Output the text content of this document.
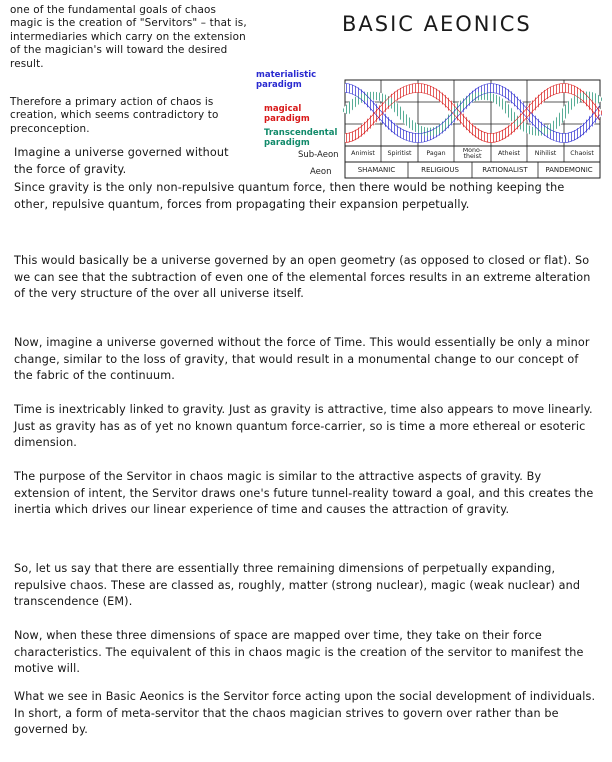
one of the fundamental goals of chaos magic is the creation of "Servitors" – that is, intermediaries which carry on the extension of the magician's will toward the desired result.
Therefore a primary action of chaos is creation, which seems contradictory to preconception.
BASIC AEONICS
materialistic paradigm
magical paradigm
Transcendental paradigm
Sub-Aeon
Aeon
Animist	Spiritist	Pagan	Mono-theist	Atheist	Nihilist	Chaoist
SHAMANIC	RELIGIOUS	RATIONALIST	PANDEMONIC
Imagine a universe governed without the force of gravity.
Since gravity is the only non-repulsive quantum force, then there would be nothing keeping the other, repulsive quantum, forces from propagating their expansion perpetually.
This would basically be a universe governed by an open geometry (as opposed to closed or flat). So we can see that the subtraction of even one of the elemental forces results in an extreme alteration of the very structure of the over all universe itself.
Now, imagine a universe governed without the force of Time. This would essentially be only a minor change, similar to the loss of gravity, that would result in a monumental change to our concept of the fabric of the continuum.
Time is inextricably linked to gravity. Just as gravity is attractive, time also appears to move linearly. Just as gravity has as of yet no known quantum force-carrier, so is time a more ethereal or esoteric dimension.
The purpose of the Servitor in chaos magic is similar to the attractive aspects of gravity. By extension of intent, the Servitor draws one's future tunnel-reality toward a goal, and this creates the inertia which drives our linear experience of time and causes the attraction of gravity.
So, let us say that there are essentially three remaining dimensions of perpetually expanding, repulsive chaos. These are classed as, roughly, matter (strong nuclear), magic (weak nuclear) and transcendence (EM).
Now, when these three dimensions of space are mapped over time, they take on their force characteristics. The equivalent of this in chaos magic is the creation of the servitor to manifest the motive will.
What we see in Basic Aeonics is the Servitor force acting upon the social development of individuals. In short, a form of meta-servitor that the chaos magician strives to govern over rather than be governed by.
